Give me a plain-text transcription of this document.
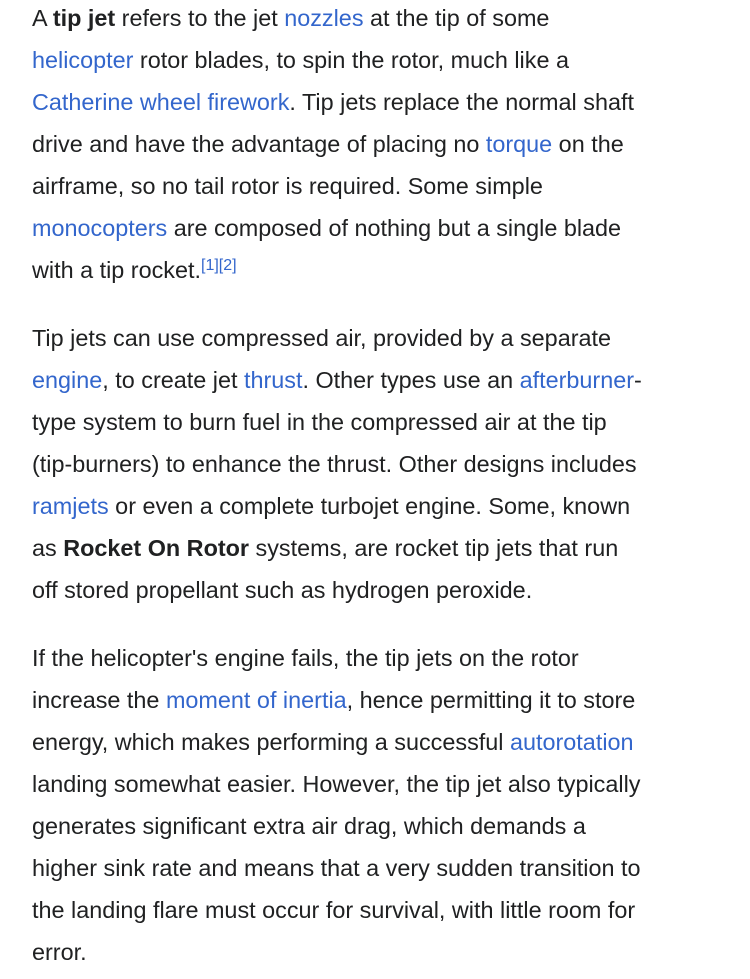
A tip jet refers to the jet nozzles at the tip of some
helicopter rotor blades, to spin the rotor, much like a
Catherine wheel firework. Tip jets replace the normal shaft
drive and have the advantage of placing no torque on the
airframe, so no tail rotor is required. Some simple
monocopters are composed of nothing but a single blade
with a tip rocket.[1][2]

Tip jets can use compressed air, provided by a separate
engine, to create jet thrust. Other types use an afterburner-
type system to burn fuel in the compressed air at the tip
(tip-burners) to enhance the thrust. Other designs includes
ramjets or even a complete turbojet engine. Some, known
as Rocket On Rotor systems, are rocket tip jets that run
off stored propellant such as hydrogen peroxide.

If the helicopter's engine fails, the tip jets on the rotor
increase the moment of inertia, hence permitting it to store
energy, which makes performing a successful autorotation
landing somewhat easier. However, the tip jet also typically
generates significant extra air drag, which demands a
higher sink rate and means that a very sudden transition to
the landing flare must occur for survival, with little room for
error.
